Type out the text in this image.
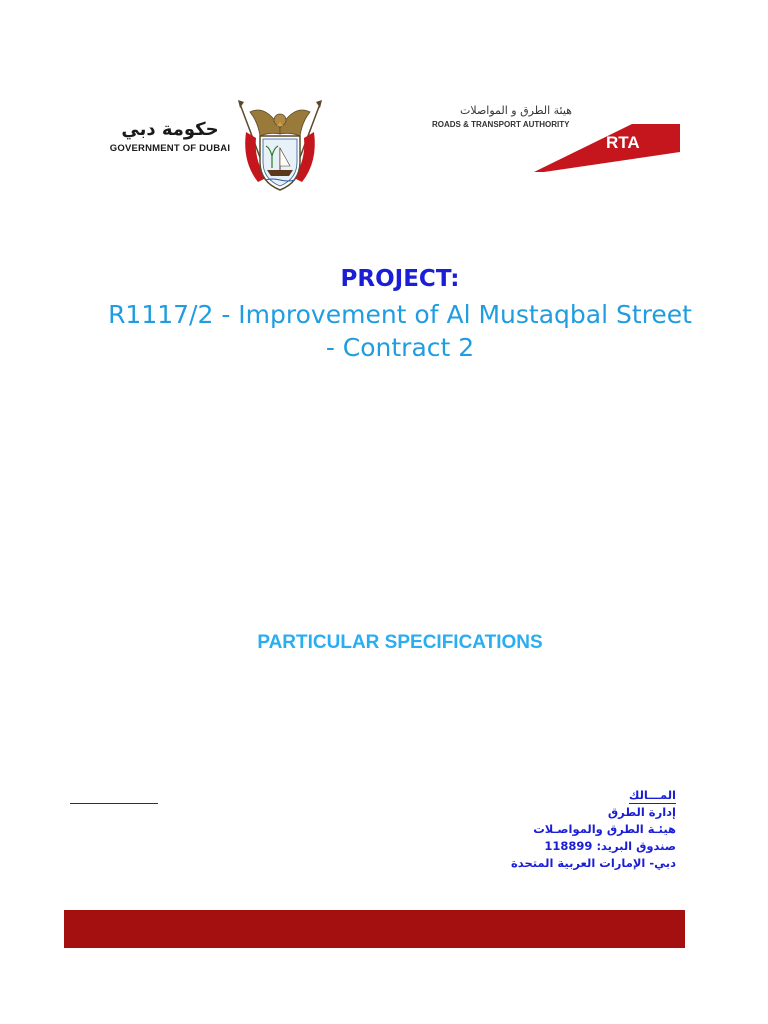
حكومة دبي
GOVERNMENT OF DUBAI
هيئة الطرق و المواصلات
ROADS & TRANSPORT AUTHORITY
RTA
PROJECT:
R1117/2 - Improvement of Al Mustaqbal Street - Contract 2
PARTICULAR SPECIFICATIONS
المـــالك
إدارة الطرق
هيئـة الطرق والمواصـلات
صندوق البريد: 118899
دبي- الإمارات العربية المتحدة
